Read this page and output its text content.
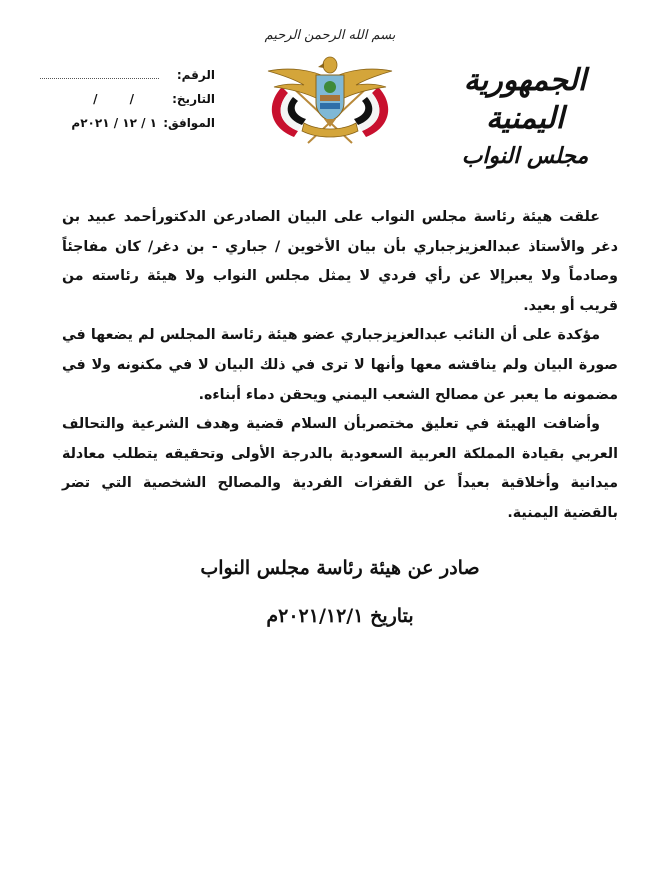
الرقم:
التاريخ:
/      /
الموافق:
١ / ١٢ / ٢٠٢١م
بسم الله الرحمن الرحيم
الجمهورية اليمنية
مجلس النواب

علقت هيئة رئاسة مجلس النواب على البيان الصادرعن الدكتورأحمد عبيد بن دغر والأستاذ عبدالعزيزجباري بأن بيان الأخوين / جباري - بن دغر/ كان مفاجئاً وصادماً ولا يعبرإلا عن رأي فردي لا يمثل مجلس النواب ولا هيئة رئاسته من قريب أو بعيد.

مؤكدة على أن النائب عبدالعزيزجباري عضو هيئة رئاسة المجلس لم يضعها في صورة البيان ولم يناقشه معها وأنها لا ترى في ذلك البيان لا في مكنونه ولا في مضمونه ما يعبر عن مصالح الشعب اليمني ويحقن دماء أبناءه.

وأضافت الهيئة في تعليق مختصربأن السلام قضية وهدف الشرعية والتحالف العربي بقيادة المملكة العربية السعودية بالدرجة الأولى وتحقيقه يتطلب معادلة ميدانية وأخلاقية بعيداً عن القفزات الفردية والمصالح الشخصية التي تضر بالقضية اليمنية.

صادر عن هيئة رئاسة مجلس النواب
بتاريخ ٢٠٢١/١٢/١م
